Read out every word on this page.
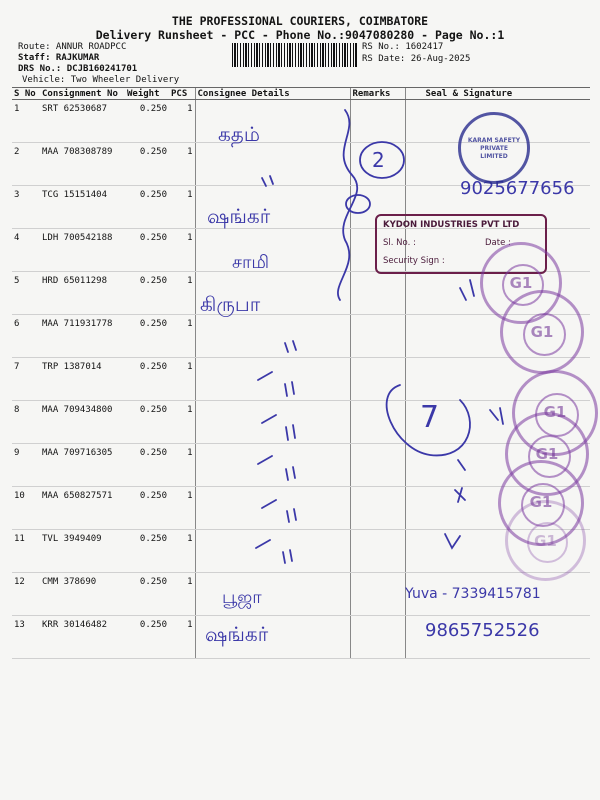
THE PROFESSIONAL COURIERS, COIMBATORE
Delivery Runsheet - PCC - Phone No.:9047080280 - Page No.:1
Route: ANNUR ROADPCC
Staff: RAJKUMAR
DRS No.: DCJB160241701
Vehicle: Two Wheeler Delivery
RS No.: 1602417
RS Date: 26-Aug-2025
S No	Consignment No	Weight	PCS	Consignee Details	Remarks	Seal & Signature
1	SRT 62530687	0.250	1			
2	MAA 708308789	0.250	1			
3	TCG 15151404	0.250	1			
4	LDH 700542188	0.250	1			
5	HRD 65011298	0.250	1			
6	MAA 711931778	0.250	1			
7	TRP 1387014	0.250	1			
8	MAA 709434800	0.250	1			
9	MAA 709716305	0.250	1			
10	MAA 650827571	0.250	1			
11	TVL 3949409	0.250	1			
12	CMM 378690	0.250	1			
13	KRR 30146482	0.250	1			
கதம்
ஷங்கர்
சாமி
கிருபா
பூஜா
ஷங்கர்
2
7
9025677656
Yuva - 7339415781
9865752526
KARAM SAFETY PRIVATE LIMITED
KYDON INDUSTRIES PVT LTD
Sl. No. :	Date :
Security Sign :
G1
G1
G1
G1
G1
G1
